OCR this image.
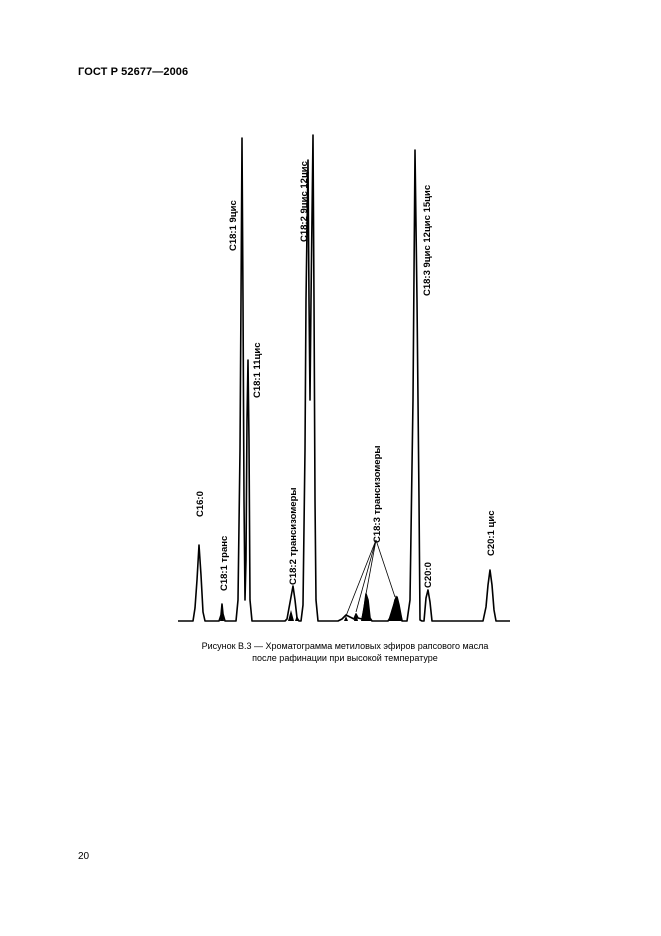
ГОСТ Р 52677—2006
C16:0
C18:1 транс
C18:1 9цис
C18:1 11цис
C18:2 трансизомеры
C18:2 9цис 12цис
C18:3 трансизомеры
C18:3 9цис 12цис 15цис
C20:0
C20:1 цис
Рисунок B.3 — Хроматограмма метиловых эфиров рапсового масла
после рафинации при высокой температуре
20
